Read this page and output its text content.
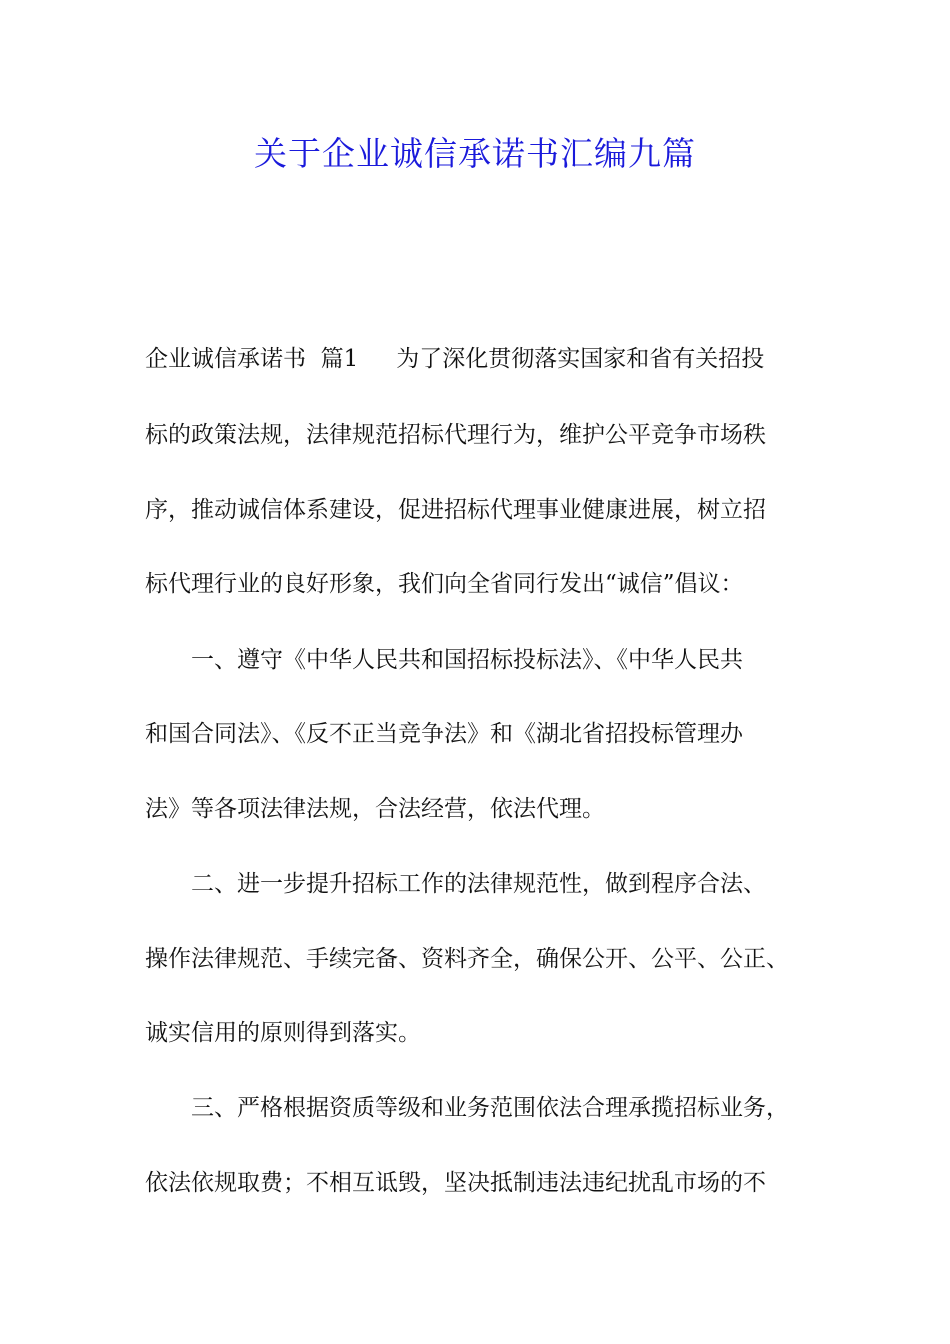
关于企业诚信承诺书汇编九篇
企业诚信承诺书  篇1 为了深化贯彻落实国家和省有关招投
标的政策法规，法律规范招标代理行为，维护公平竞争市场秩
序，推动诚信体系建设，促进招标代理事业健康进展，树立招
标代理行业的良好形象，我们向全省同行发出“诚信”倡议：
一、遵守《中华人民共和国招标投标法》、《中华人民共
和国合同法》、《反不正当竞争法》和《湖北省招投标管理办
法》等各项法律法规，合法经营，依法代理。
二、进一步提升招标工作的法律规范性，做到程序合法、
操作法律规范、手续完备、资料齐全，确保公开、公平、公正、
诚实信用的原则得到落实。
三、严格根据资质等级和业务范围依法合理承揽招标业务，
依法依规取费；不相互诋毁，坚决抵制违法违纪扰乱市场的不
